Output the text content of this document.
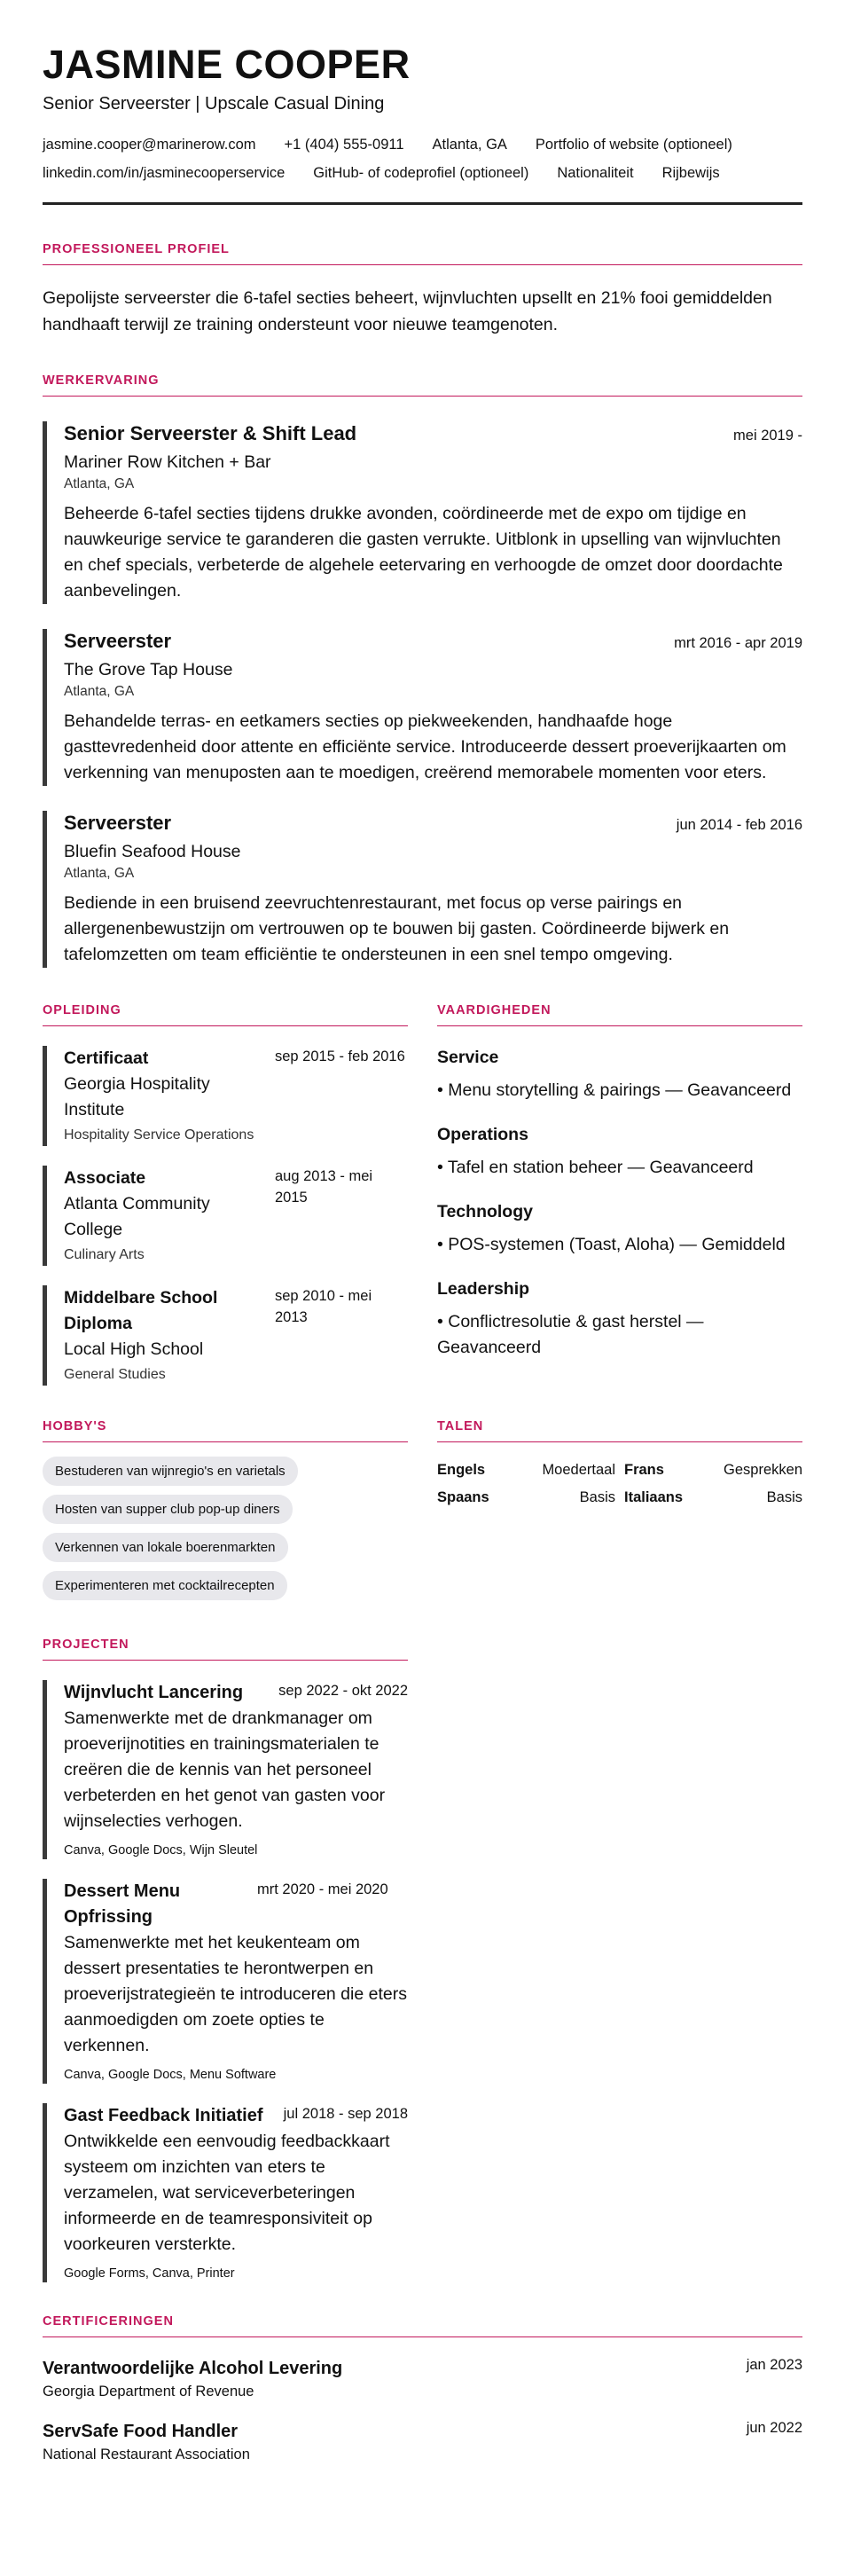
JASMINE COOPER
Senior Serveerster | Upscale Casual Dining
jasmine.cooper@marinerow.com +1 (404) 555-0911 Atlanta, GA Portfolio of website (optioneel)
linkedin.com/in/jasminecooperservice GitHub- of codeprofiel (optioneel) Nationaliteit Rijbewijs
PROFESSIONEEL PROFIEL
Gepolijste serveerster die 6-tafel secties beheert, wijnvluchten upsellt en 21% fooi gemiddelden handhaaft terwijl ze training ondersteunt voor nieuwe teamgenoten.
WERKERVARING
Senior Serveerster & Shift Lead	mei 2019 -
Mariner Row Kitchen + Bar
Atlanta, GA
Beheerde 6-tafel secties tijdens drukke avonden, coördineerde met de expo om tijdige en nauwkeurige service te garanderen die gasten verrukte. Uitblonk in upselling van wijnvluchten en chef specials, verbeterde de algehele eetervaring en verhoogde de omzet door doordachte aanbevelingen.
Serveerster	mrt 2016 - apr 2019
The Grove Tap House
Atlanta, GA
Behandelde terras- en eetkamers secties op piekweekenden, handhaafde hoge gasttevredenheid door attente en efficiënte service. Introduceerde dessert proeverijkaarten om verkenning van menuposten aan te moedigen, creërend memorabele momenten voor eters.
Serveerster	jun 2014 - feb 2016
Bluefin Seafood House
Atlanta, GA
Bediende in een bruisend zeevruchtenrestaurant, met focus op verse pairings en allergenenbewustzijn om vertrouwen op te bouwen bij gasten. Coördineerde bijwerk en tafelomzetten om team efficiëntie te ondersteunen in een snel tempo omgeving.
OPLEIDING
Certificaat
Georgia Hospitality Institute
Hospitality Service Operations
sep 2015 - feb 2016
Associate
Atlanta Community College
Culinary Arts
aug 2013 - mei 2015
Middelbare School Diploma
Local High School
General Studies
sep 2010 - mei 2013
VAARDIGHEDEN
Service
• Menu storytelling & pairings — Geavanceerd
Operations
• Tafel en station beheer — Geavanceerd
Technology
• POS-systemen (Toast, Aloha) — Gemiddeld
Leadership
• Conflictresolutie & gast herstel — Geavanceerd
HOBBY'S
Bestuderen van wijnregio's en varietals
Hosten van supper club pop-up diners
Verkennen van lokale boerenmarkten
Experimenteren met cocktailrecepten
TALEN
Engels	Moedertaal Frans	Gesprekken
Spaans	Basis Italiaans	Basis
PROJECTEN
Wijnvlucht Lancering	sep 2022 - okt 2022
Samenwerkte met de drankmanager om proeverijnotities en trainingsmaterialen te creëren die de kennis van het personeel verbeterden en het genot van gasten voor wijnselecties verhogen.
Canva, Google Docs, Wijn Sleutel
Dessert Menu Opfrissing
mrt 2020 - mei 2020
Samenwerkte met het keukenteam om dessert presentaties te herontwerpen en proeverijstrategieën te introduceren die eters aanmoedigden om zoete opties te verkennen.
Canva, Google Docs, Menu Software
Gast Feedback Initiatief jul 2018 - sep 2018
Ontwikkelde een eenvoudig feedbackkaart systeem om inzichten van eters te verzamelen, wat serviceverbeteringen informeerde en de teamresponsiviteit op voorkeuren versterkte.
Google Forms, Canva, Printer
CERTIFICERINGEN
Verantwoordelijke Alcohol Levering
Georgia Department of Revenue
jan 2023
ServSafe Food Handler
National Restaurant Association
jun 2022
